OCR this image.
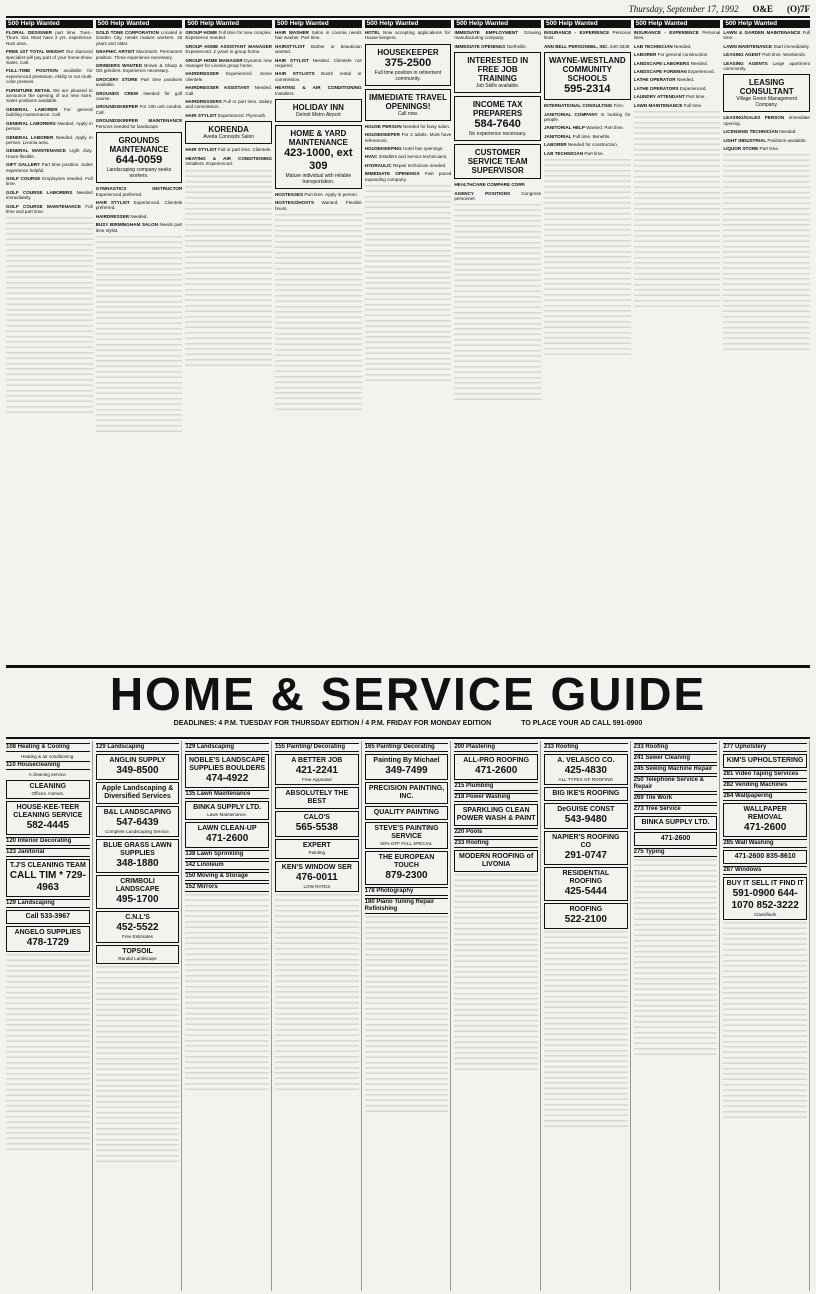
Thursday, September 17, 1992 O&E (O)7F
500 Help Wanted
FLORAL DESIGNER part time. Tues.-Thurs. Sat. Must have 2 yrs. experience. Novi area.
FREE 1ST TOTAL WEIGHT Our diamond specialist will pay part of your home-show. Sales. Call.
FULL-TIME POSITION available for experienced pressman. Ability to run multi-color presses.
FURNITURE RETAIL We are pleased to announce the opening of our new store. Sales positions available.
GENERAL LABORER For general building maintenance. Call.
GENERAL LABORERS Needed. Apply in person.
GENERAL LABORER Needed. Apply in person. Livonia area.
GENERAL MAINTENANCE Light duty. Hours flexible.
GIFT GALLERY Part time position. Sales experience helpful.
GOLF COURSE Employees needed. Full time.
GOLF COURSE LABORERS Needed immediately.
GOLF COURSE MAINTENANCE Full time and part time.
500 Help Wanted
GOLD TONE CORPORATION Located in Garden City, needs mature workers. 20 years and older.
GRAPHIC ARTIST Macintosh. Permanent position. Three experience necessary.
GRINDERS WANTED Brown & Sharp & OD grinders. Experience necessary.
GROCERY STORE Part time positions available.
GROUNDS CREW Needed for golf course.
GROUNDSKEEPER For 100 unit condos. Call.
GROUNDSKEEPER MAINTENANCE Persons needed for landscape.
GROUNDS MAINTENANCE
644-0059
Landscaping company seeks workers.
GYMNASTICS INSTRUCTOR Experienced preferred.
HAIR STYLIST Experienced. Clientele preferred.
HAIRDRESSER Needed.
BUSY BIRMINGHAM SALON Needs part time stylist.
500 Help Wanted
GROUP HOME Full time for new complex. Experience needed.
GROUP HOME ASSISTANT MANAGER Experienced. 2 years in group home.
GROUP HOME MANAGER Dynamic new manager for Livonia group home.
HAIRDRESSER Experienced. Some clientele.
HAIRDRESSER ASSISTANT Needed. Call.
HAIRDRESSERS Full or part time. Salary and commission.
HAIR STYLIST Experienced. Plymouth.
KORENDA
Aveda Concepts Salon
HAIR STYLIST Full or part time. Clientele.
HEATING & AIR CONDITIONING Installers. Experienced.
500 Help Wanted
HAIR WASHER Salon in Livonia needs hair washer. Part time.
HAIRSTYLIST Barber or beautician wanted.
HAIR STYLIST Needed. Clientele not required.
HAIR STYLISTS Booth rental or commission.
HEATING & AIR CONDITIONING Installers.
HOLIDAY INN
Detroit Metro Airport
HOME & YARD MAINTENANCE
423-1000, ext 309
Mature individual with reliable transportation.
HOSTESSES Part time. Apply in person.
HOSTESS/HOSTS Wanted. Flexible hours.
500 Help Wanted
HOTEL Now accepting applications for: House keepers.
HOUSEKEEPER
375-2500
Full time position in retirement community.
IMMEDIATE TRAVEL OPENINGS!
Call now.
HOUSE PERSON Needed for busy salon.
HOUSEKEEPER For 2 adults. Must have references.
HOUSEKEEPING Hotel has openings.
HVAC Installers and service technicians.
HYDRAULIC Repair technician needed.
IMMEDIATE OPENINGS Fast paced expanding company.
500 Help Wanted
IMMEDIATE EMPLOYMENT Growing manufacturing company.
IMMEDIATE OPENINGS Northville.
INTERESTED IN FREE JOB TRAINING
Job Skills available.
INCOME TAX PREPARERS
584-7640
No experience necessary.
CUSTOMER SERVICE TEAM SUPERVISOR
HEALTHCARE COMPARE CORP.
AGENCY POSITIONS Congress personnel.
500 Help Wanted
INSURANCE - EXPERIENCE Personal lines.
ANN BELL PERSONNEL, INC. 540-3338
WAYNE-WESTLAND COMMUNITY SCHOOLS
595-2314
INTERNATIONAL CONSULTING Firm.
JANITORIAL COMPANY Is looking for people.
JANITORIAL HELP Wanted. Part time.
JANITORIAL Full time. Benefits.
LABORER Needed for construction.
LAB TECHNICIAN Part time.
500 Help Wanted
INSURANCE - EXPERIENCE Personal lines.
LAB TECHNICIAN Needed.
LABORER For general construction.
LANDSCAPE LABORERS Needed.
LANDSCAPE FOREMAN Experienced.
LATHE OPERATOR Needed.
LATHE OPERATORS Experienced.
LAUNDRY ATTENDANT Part time.
LAWN MAINTENANCE Full time.
500 Help Wanted
LAWN & GARDEN MAINTENANCE Full time.
LAWN MAINTENANCE Start immediately.
LEASING AGENT Part time. Weekends.
LEASING AGENTS Large apartment community.
LEASING CONSULTANT
Village Green Management Company.
LEASING/SALES PERSON Immediate opening.
LICENSING TECHNICIAN Needed.
LIGHT INDUSTRIAL Positions available.
LIQUOR STORE Part time.
HOME & SERVICE GUIDE
DEADLINES: 4 P.M. TUESDAY FOR THURSDAY EDITION / 4 P.M. FRIDAY FOR MONDAY EDITION	TO PLACE YOUR AD CALL 591-0900
108 Heating & Cooling
Heating & air conditioning.
110 Housecleaning
A cleaning service.
CLEANING
Offices. Homes.
HOUSE-KEE-TEER CLEANING SERVICE
582-4445
120 Interior Decorating
123 Janitorial
T.J'S CLEANING TEAM
CALL TIM * 729-4963
129 Landscaping
Call 533-3967
ANGELO SUPPLIES
478-1729
129 Landscaping
ANGLIN SUPPLY
349-8500
Apple Landscaping & Diversified Services
B&L LANDSCAPING
547-6439
Complete Landscaping Service.
BLUE GRASS LAWN SUPPLIES
348-1880
CRIMBOLI LANDSCAPE
495-1700
C.N.L'S
452-5522
Free Estimates
TOPSOIL
Randal Landscape
129 Landscaping
NOBLE'S LANDSCAPE SUPPLIES BOULDERS
474-4922
135 Lawn Maintenance
BINKA SUPPLY LTD.
Lawn Maintenance.
LAWN CLEAN-UP
471-2600
138 Lawn Sprinkling
142 Linoleum
150 Moving & Storage
152 Mirrors
155 Painting/ Decorating
A BETTER JOB
421-2241
Free Appraisal
ABSOLUTELY THE BEST
CALO'S
565-5538
EXPERT
Painting
KEN'S WINDOW SER
476-0011
LOW RATES
165 Painting/ Decorating
Painting By Michael
349-7499
PRECISION PAINTING, INC.
QUALITY PAINTING
STEVE'S PAINTING SERVICE
50% OFF FALL SPECIAL
THE EUROPEAN TOUCH
879-2300
178 Photography
180 Piano Tuning Repair Refinishing
200 Plastering
ALL-PRO ROOFING
471-2600
215 Plumbing
218 Power Washing
SPARKLING CLEAN POWER WASH & PAINT
220 Pools
233 Roofing
MODERN ROOFING of LIVONIA
233 Roofing
A. VELASCO CO.
425-4830
ALL TYPES OF ROOFING
BIG IKE'S ROOFING
DeGUISE CONST
543-9480
NAPIER'S ROOFING CO
291-0747
RESIDENTIAL ROOFING
425-5444
ROOFING
522-2100
233 Roofing
241 Sewer Cleaning
245 Sewing Machine Repair
250 Telephone Service & Repair
269 Tile Work
273 Tree Service
BINKA SUPPLY LTD.
471-2600
275 Typing
277 Upholstery
KIM'S UPHOLSTERING
281 Video Taping Services
282 Vending Machines
284 Wallpapering
WALLPAPER REMOVAL
471-2600
285 Wall Washing
471-2600 835-8610
287 Windows
BUY IT SELL IT FIND IT
591-0900 644-1070 852-3222
Classifieds
